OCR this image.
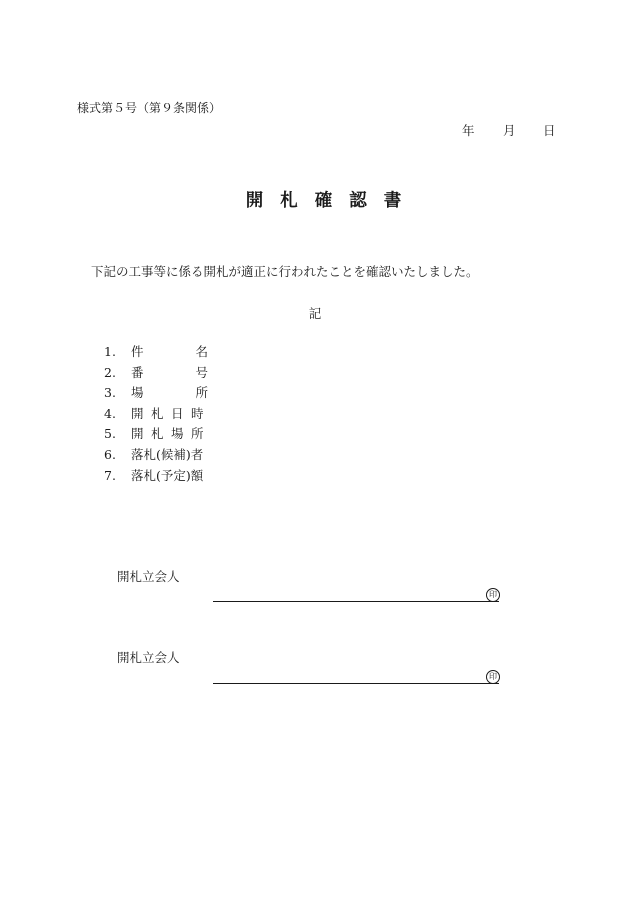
様式第５号（第９条関係）
年 月 日
開札確認書
下記の工事等に係る開札が適正に行われたことを確認いたしました。
記
1.	件名
2.	番号
3.	場所
4.	開札日時
5.	開札場所
6.	落札(候補)者
7.	落札(予定)額
開札立会人
印
開札立会人
印
